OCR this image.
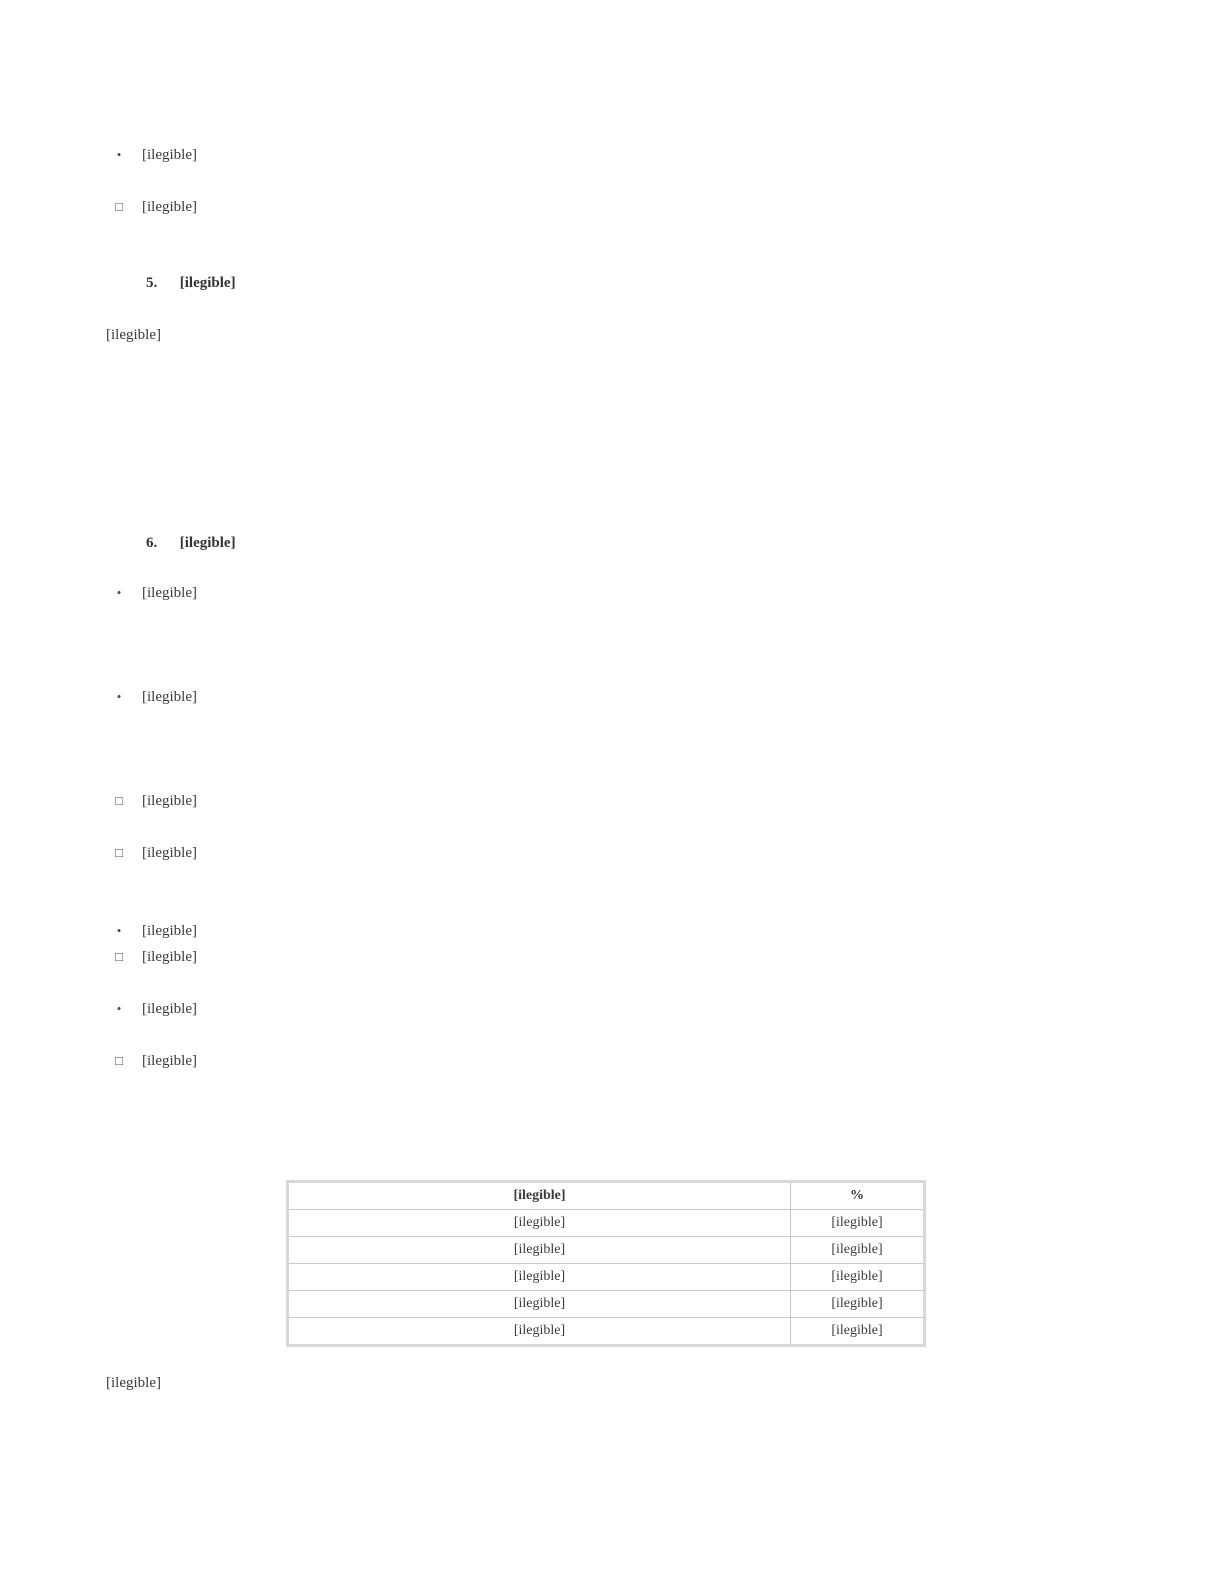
•	[ilegible]
□ [ilegible]
5. [ilegible]
[ilegible]
6. [ilegible]
•	[ilegible]
•	[ilegible]
□ [ilegible]
□ [ilegible]
•	[ilegible]
□ [ilegible]
•	[ilegible]
□ [ilegible]
[ilegible]	%
[ilegible]	[ilegible]
[ilegible]	[ilegible]
[ilegible]	[ilegible]
[ilegible]	[ilegible]
[ilegible]	[ilegible]
[ilegible]
